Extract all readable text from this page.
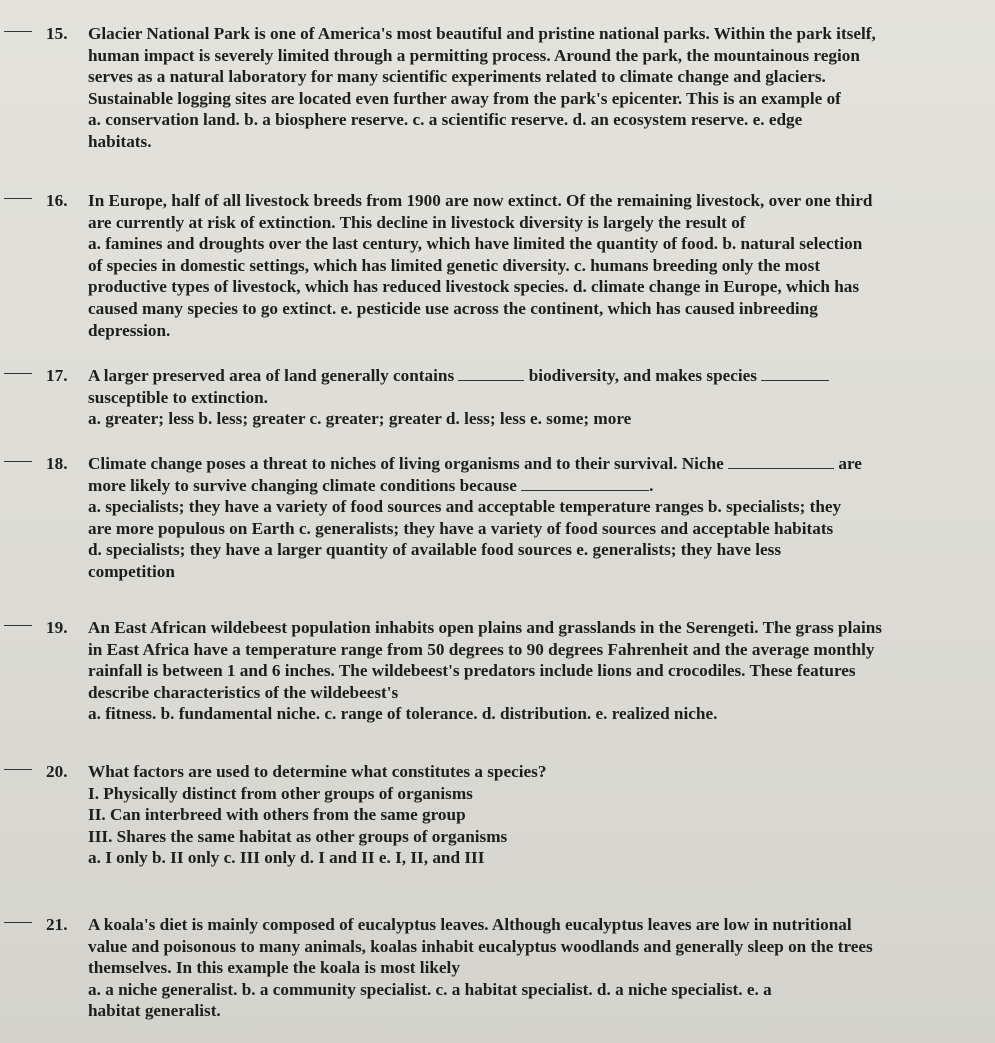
15. Glacier National Park is one of America's most beautiful and pristine national parks. Within the park itself,
human impact is severely limited through a permitting process. Around the park, the mountainous region
serves as a natural laboratory for many scientific experiments related to climate change and glaciers.
Sustainable logging sites are located even further away from the park's epicenter. This is an example of
a. conservation land. b. a biosphere reserve. c. a scientific reserve. d. an ecosystem reserve. e. edge
habitats.
16. In Europe, half of all livestock breeds from 1900 are now extinct. Of the remaining livestock, over one third
are currently at risk of extinction. This decline in livestock diversity is largely the result of
a. famines and droughts over the last century, which have limited the quantity of food. b. natural selection
of species in domestic settings, which has limited genetic diversity. c. humans breeding only the most
productive types of livestock, which has reduced livestock species. d. climate change in Europe, which has
caused many species to go extinct. e. pesticide use across the continent, which has caused inbreeding
depression.
17. A larger preserved area of land generally contains	biodiversity, and makes species
susceptible to extinction.
a. greater; less b. less; greater c. greater; greater d. less; less e. some; more
18. Climate change poses a threat to niches of living organisms and to their survival. Niche	are
more likely to survive changing climate conditions because	.
a. specialists; they have a variety of food sources and acceptable temperature ranges b. specialists; they
are more populous on Earth c. generalists; they have a variety of food sources and acceptable habitats
d. specialists; they have a larger quantity of available food sources e. generalists; they have less
competition
19. An East African wildebeest population inhabits open plains and grasslands in the Serengeti. The grass plains
in East Africa have a temperature range from 50 degrees to 90 degrees Fahrenheit and the average monthly
rainfall is between 1 and 6 inches. The wildebeest's predators include lions and crocodiles. These features
describe characteristics of the wildebeest's
a. fitness. b. fundamental niche. c. range of tolerance. d. distribution. e. realized niche.
20. What factors are used to determine what constitutes a species?
I. Physically distinct from other groups of organisms
II. Can interbreed with others from the same group
III. Shares the same habitat as other groups of organisms
a. I only b. II only c. III only d. I and II e. I, II, and III
21. A koala's diet is mainly composed of eucalyptus leaves. Although eucalyptus leaves are low in nutritional
value and poisonous to many animals, koalas inhabit eucalyptus woodlands and generally sleep on the trees
themselves. In this example the koala is most likely
a. a niche generalist. b. a community specialist. c. a habitat specialist. d. a niche specialist. e. a
habitat generalist.
